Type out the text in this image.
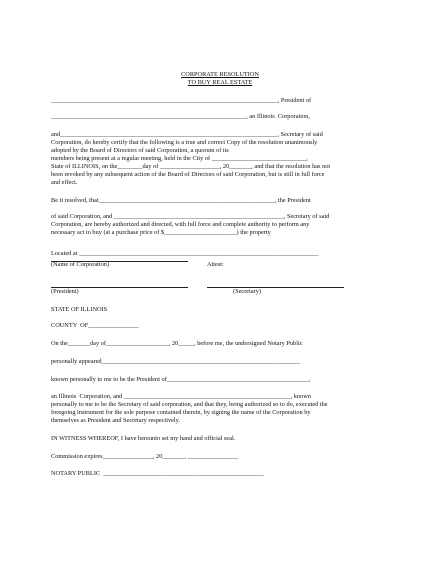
CORPORATE RESOLUTION
TO BUY REAL ESTATE
________________________________________________________________________, President of
______________________________________________________________, an Illinois  Corporation,
and_____________________________________________________________________, Secretary of said
Corporation, do hereby certify that the following is a true and correct Copy of the resolution unanimously
adopted by the Board of Directors of said Corporation, a quorum of its
members being present at a regular meeting, held in the City of ______________________________,
State of ILLINOIS, on the________day of ___________________, 20_______, and that the resolution has not
been revoked by any subsequent action of the Board of Directors of said Corporation, but is still in full force
and effect.
Be it resolved, that________________________________________________________, the President
of said Corporation, and ______________________________________________________, Secretary of said
Corporation, are hereby authorized and directed, with full force and complete authority to perform any
necessary act to buy (at a purchase price of $_______________________) the property
Located at ____________________________________________________________________________
(Name of Corporation)	Attest:
(President)	(Secretary)
STATE OF ILLINOIS
COUNTY  OF________________
On the_______day of____________________, 20_____, before me, the undersigned Notary Public
personally appeared_______________________________________________________________
known personally to me to be the President of_____________________________________________,
an Illinois  Corporation, and _____________________________________________________, known
personally to me to be the Secretary of said corporation, and that they, being authorized so to do, executed the
foregoing instrument for the sole purpose contained therein, by signing the name of the Corporation by
themselves as President and Secretary respectively.
IN WITNESS WHEREOF, I have hereunto set my hand and official seal.
Commission expires________________, 20_______, ________________
NOTARY PUBLIC  ___________________________________________________
